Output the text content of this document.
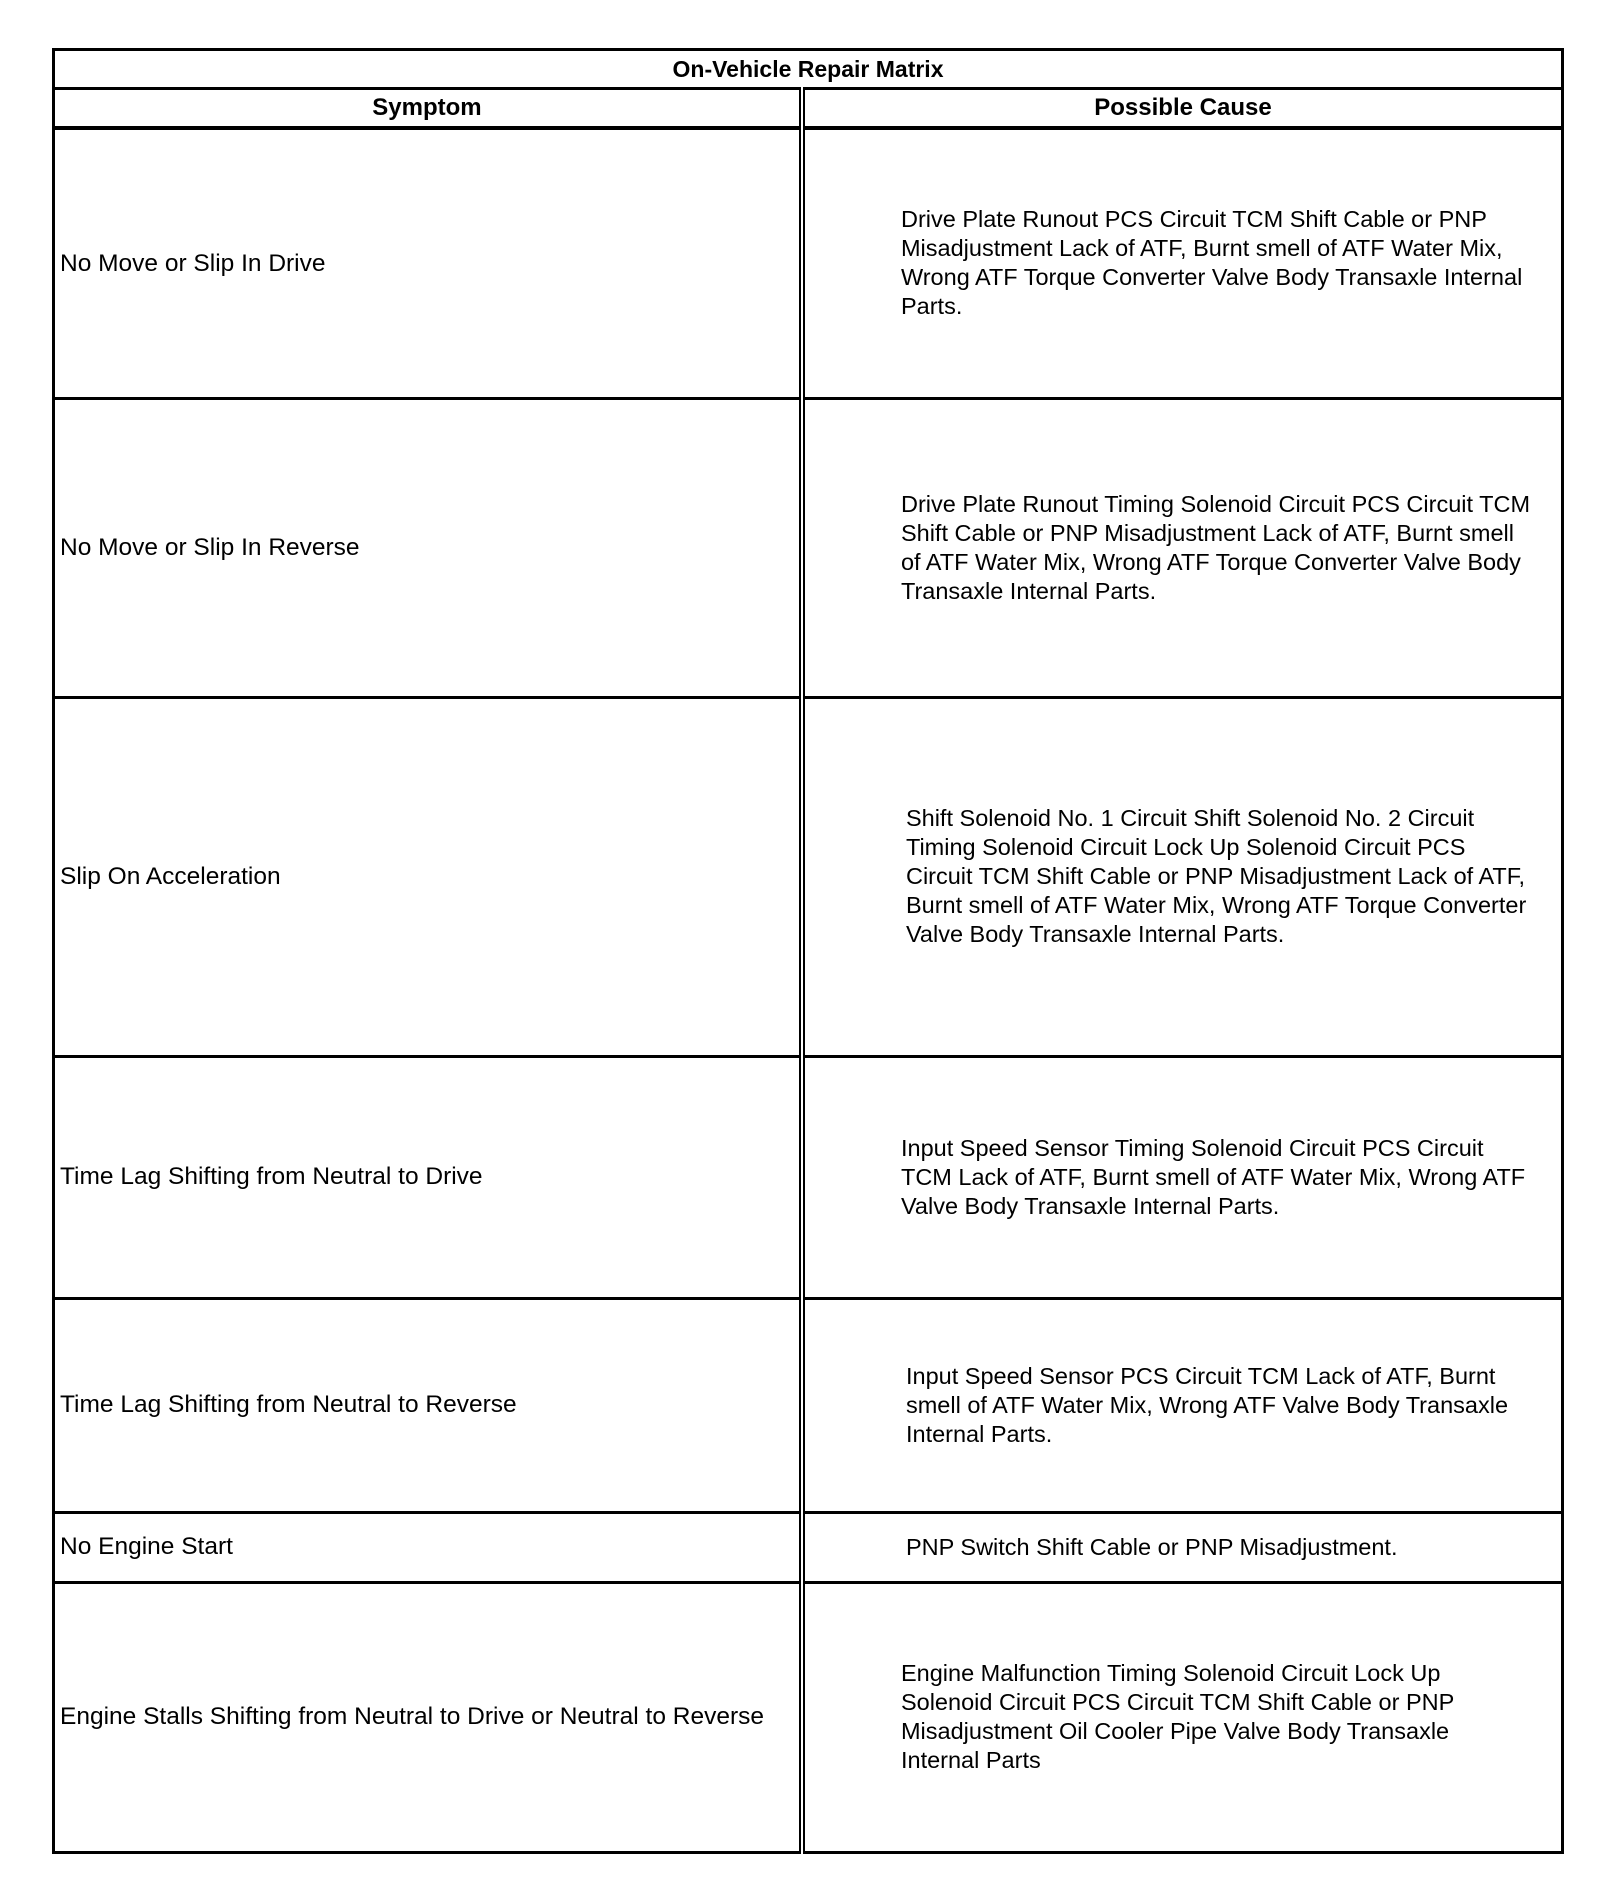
On-Vehicle Repair Matrix	
Symptom	Possible Cause
No Move or Slip In Drive	Drive Plate Runout PCS Circuit TCM Shift Cable or PNP Misadjustment Lack of ATF, Burnt smell of ATF Water Mix, Wrong ATF Torque Converter Valve Body Transaxle Internal Parts.

No Move or Slip In Reverse	Drive Plate Runout Timing Solenoid Circuit PCS Circuit TCM Shift Cable or PNP Misadjustment Lack of ATF, Burnt smell of ATF Water Mix, Wrong ATF Torque Converter Valve Body Transaxle Internal Parts.

Slip On Acceleration	Shift Solenoid No. 1 Circuit Shift Solenoid No. 2 Circuit Timing Solenoid Circuit Lock Up Solenoid Circuit PCS Circuit TCM Shift Cable or PNP Misadjustment Lack of ATF, Burnt smell of ATF Water Mix, Wrong ATF Torque Converter Valve Body Transaxle Internal Parts.

Time Lag Shifting from Neutral to Drive	Input Speed Sensor Timing Solenoid Circuit PCS Circuit TCM Lack of ATF, Burnt smell of ATF Water Mix, Wrong ATF Valve Body Transaxle Internal Parts.

Time Lag Shifting from Neutral to Reverse	Input Speed Sensor PCS Circuit TCM Lack of ATF, Burnt smell of ATF Water Mix, Wrong ATF Valve Body Transaxle Internal Parts.

No Engine Start	PNP Switch Shift Cable or PNP Misadjustment.

Engine Stalls Shifting from Neutral to Drive or Neutral to Reverse	Engine Malfunction Timing Solenoid Circuit Lock Up Solenoid Circuit PCS Circuit TCM Shift Cable or PNP Misadjustment Oil Cooler Pipe Valve Body Transaxle Internal Parts
